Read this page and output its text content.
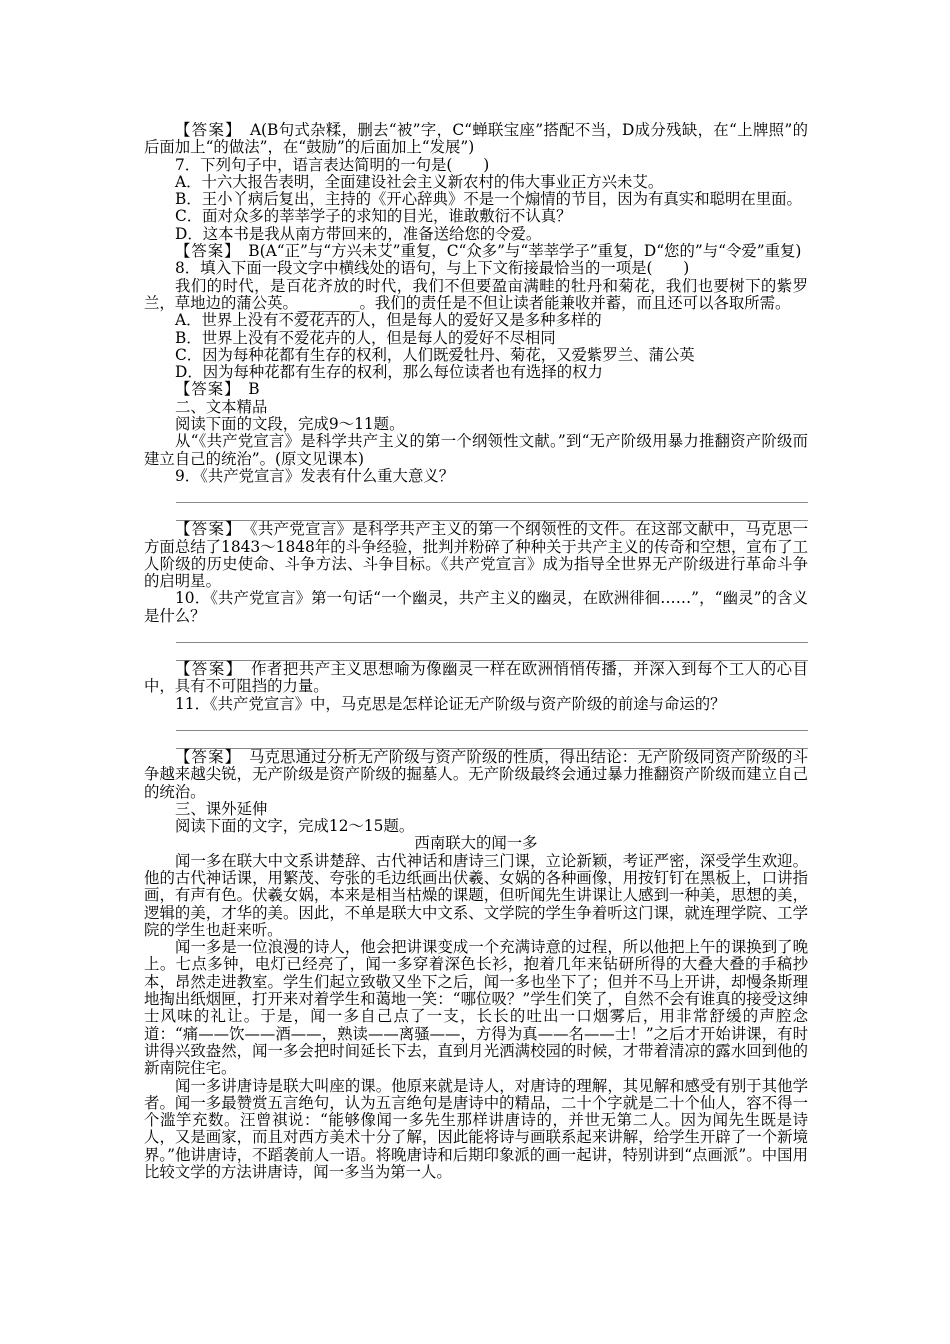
【答案】　 A(B句式杂糅，删去“被”字，C“蝉联宝座”搭配不当，D成分残缺，在“上牌照”的后面加上“的做法”，在“鼓励”的后面加上“发展”)

7．下列句子中，语言表达简明的一句是(　　)

A．十六大报告表明，全面建设社会主义新农村的伟大事业正方兴未艾。

B．王小丫病后复出，主持的《开心辞典》不是一个煽情的节目，因为有真实和聪明在里面。

C．面对众多的莘莘学子的求知的目光，谁敢敷衍不认真？

D．这本书是我从南方带回来的，准备送给您的令爱。

【答案】　 B(A“正”与“方兴未艾”重复，C“众多”与“莘莘学子”重复，D“您的”与“令爱”重复)

8．填入下面一段文字中横线处的语句，与上下文衔接最恰当的一项是(　　)

我们的时代，是百花齐放的时代，我们不但要盈亩满畦的牡丹和菊花，我们也要树下的紫罗兰，草地边的蒲公英。________。我们的责任是不但让读者能兼收并蓄，而且还可以各取所需。

A．世界上没有不爱花卉的人，但是每人的爱好又是多种多样的

B．世界上没有不爱花卉的人，但是每人的爱好不尽相同

C．因为每种花都有生存的权利，人们既爱牡丹、菊花，又爱紫罗兰、蒲公英

D．因为每种花都有生存的权利，那么每位读者也有选择的权力

【答案】　 B

二、文本精品

阅读下面的文段，完成9～11题。

从“《共产党宣言》是科学共产主义的第一个纲领性文献。”到“无产阶级用暴力推翻资产阶级而建立自己的统治”。(原文见课本)

9．《共产党宣言》发表有什么重大意义？

【答案】　 《共产党宣言》是科学共产主义的第一个纲领性的文件。在这部文献中，马克思一方面总结了1843～1848年的斗争经验，批判并粉碎了种种关于共产主义的传奇和空想，宣布了工人阶级的历史使命、斗争方法、斗争目标。《共产党宣言》成为指导全世界无产阶级进行革命斗争的启明星。

10．《共产党宣言》第一句话“一个幽灵，共产主义的幽灵，在欧洲徘徊……”，“幽灵”的含义是什么？

【答案】　 作者把共产主义思想喻为像幽灵一样在欧洲悄悄传播，并深入到每个工人的心目中，具有不可阻挡的力量。

11．《共产党宣言》中，马克思是怎样论证无产阶级与资产阶级的前途与命运的？

【答案】　 马克思通过分析无产阶级与资产阶级的性质，得出结论：无产阶级同资产阶级的斗争越来越尖锐，无产阶级是资产阶级的掘墓人。无产阶级最终会通过暴力推翻资产阶级而建立自己的统治。

三、课外延伸

阅读下面的文字，完成12～15题。

西南联大的闻一多

闻一多在联大中文系讲楚辞、古代神话和唐诗三门课，立论新颖，考证严密，深受学生欢迎。他的古代神话课，用繁茂、夸张的毛边纸画出伏羲、女娲的各种画像，用按钉钉在黑板上，口讲指画，有声有色。伏羲女娲，本来是相当枯燥的课题，但听闻先生讲课让人感到一种美，思想的美，逻辑的美，才华的美。因此，不单是联大中文系、文学院的学生争着听这门课，就连理学院、工学院的学生也赶来听。

闻一多是一位浪漫的诗人，他会把讲课变成一个充满诗意的过程，所以他把上午的课换到了晚上。七点多钟，电灯已经亮了，闻一多穿着深色长衫，抱着几年来钻研所得的大叠大叠的手稿抄本，昂然走进教室。学生们起立致敬又坐下之后，闻一多也坐下了；但并不马上开讲，却慢条斯理地掏出纸烟匣，打开来对着学生和蔼地一笑：“哪位吸？”学生们笑了，自然不会有谁真的接受这绅士风味的礼让。于是，闻一多自己点了一支，长长的吐出一口烟雾后，用非常舒缓的声腔念道：“痛——饮——酒——，熟读——离骚——，方得为真——名——士！”之后才开始讲课，有时讲得兴致盎然，闻一多会把时间延长下去，直到月光洒满校园的时候，才带着清凉的露水回到他的新南院住宅。

闻一多讲唐诗是联大叫座的课。他原来就是诗人，对唐诗的理解，其见解和感受有别于其他学者。闻一多最赞赏五言绝句，认为五言绝句是唐诗中的精品，二十个字就是二十个仙人，容不得一个滥竽充数。汪曾祺说：“能够像闻一多先生那样讲唐诗的，并世无第二人。因为闻先生既是诗人，又是画家，而且对西方美术十分了解，因此能将诗与画联系起来讲解，给学生开辟了一个新境界。”他讲唐诗，不蹈袭前人一语。将晚唐诗和后期印象派的画一起讲，特别讲到“点画派”。中国用比较文学的方法讲唐诗，闻一多当为第一人。
